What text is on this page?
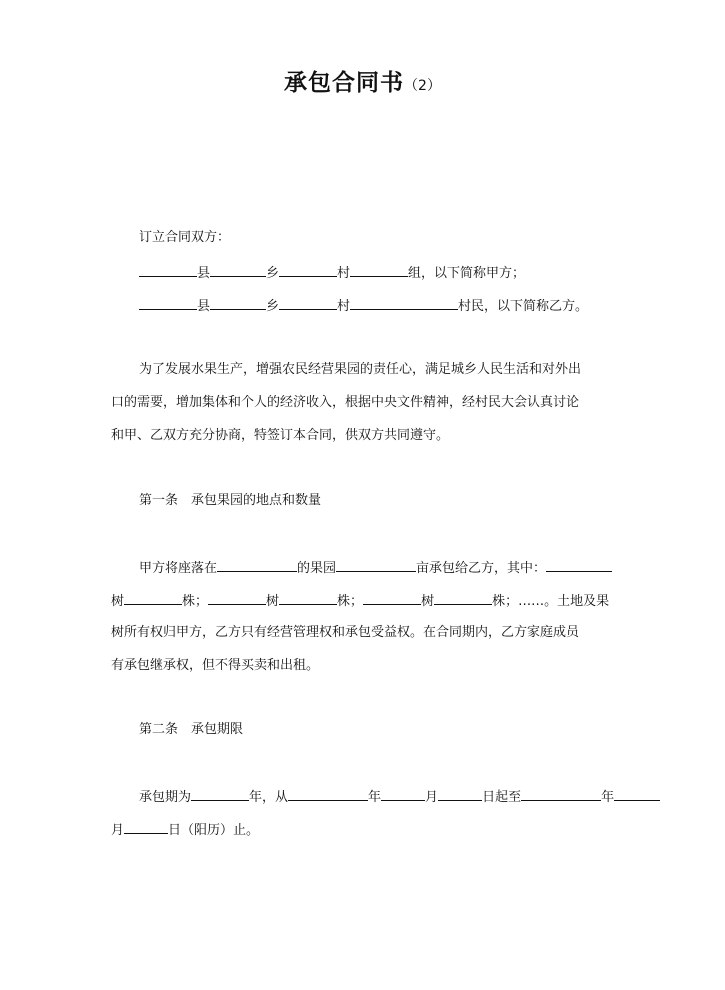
承包合同书（2）
订立合同双方：
县	乡	村	组，以下简称甲方；
县	乡	村	村民，以下简称乙方。
为了发展水果生产，增强农民经营果园的责任心，满足城乡人民生活和对外出
口的需要，增加集体和个人的经济收入，根据中央文件精神，经村民大会认真讨论
和甲、乙双方充分协商，特签订本合同，供双方共同遵守。
第一条　承包果园的地点和数量
甲方将座落在	的果园	亩承包给乙方，其中：
树	株；	树	株；	树	株；……。土地及果
树所有权归甲方，乙方只有经营管理权和承包受益权。在合同期内，乙方家庭成员
有承包继承权，但不得买卖和出租。
第二条　承包期限
承包期为	年，从	年	月	日起至	年
月	日（阳历）止。
